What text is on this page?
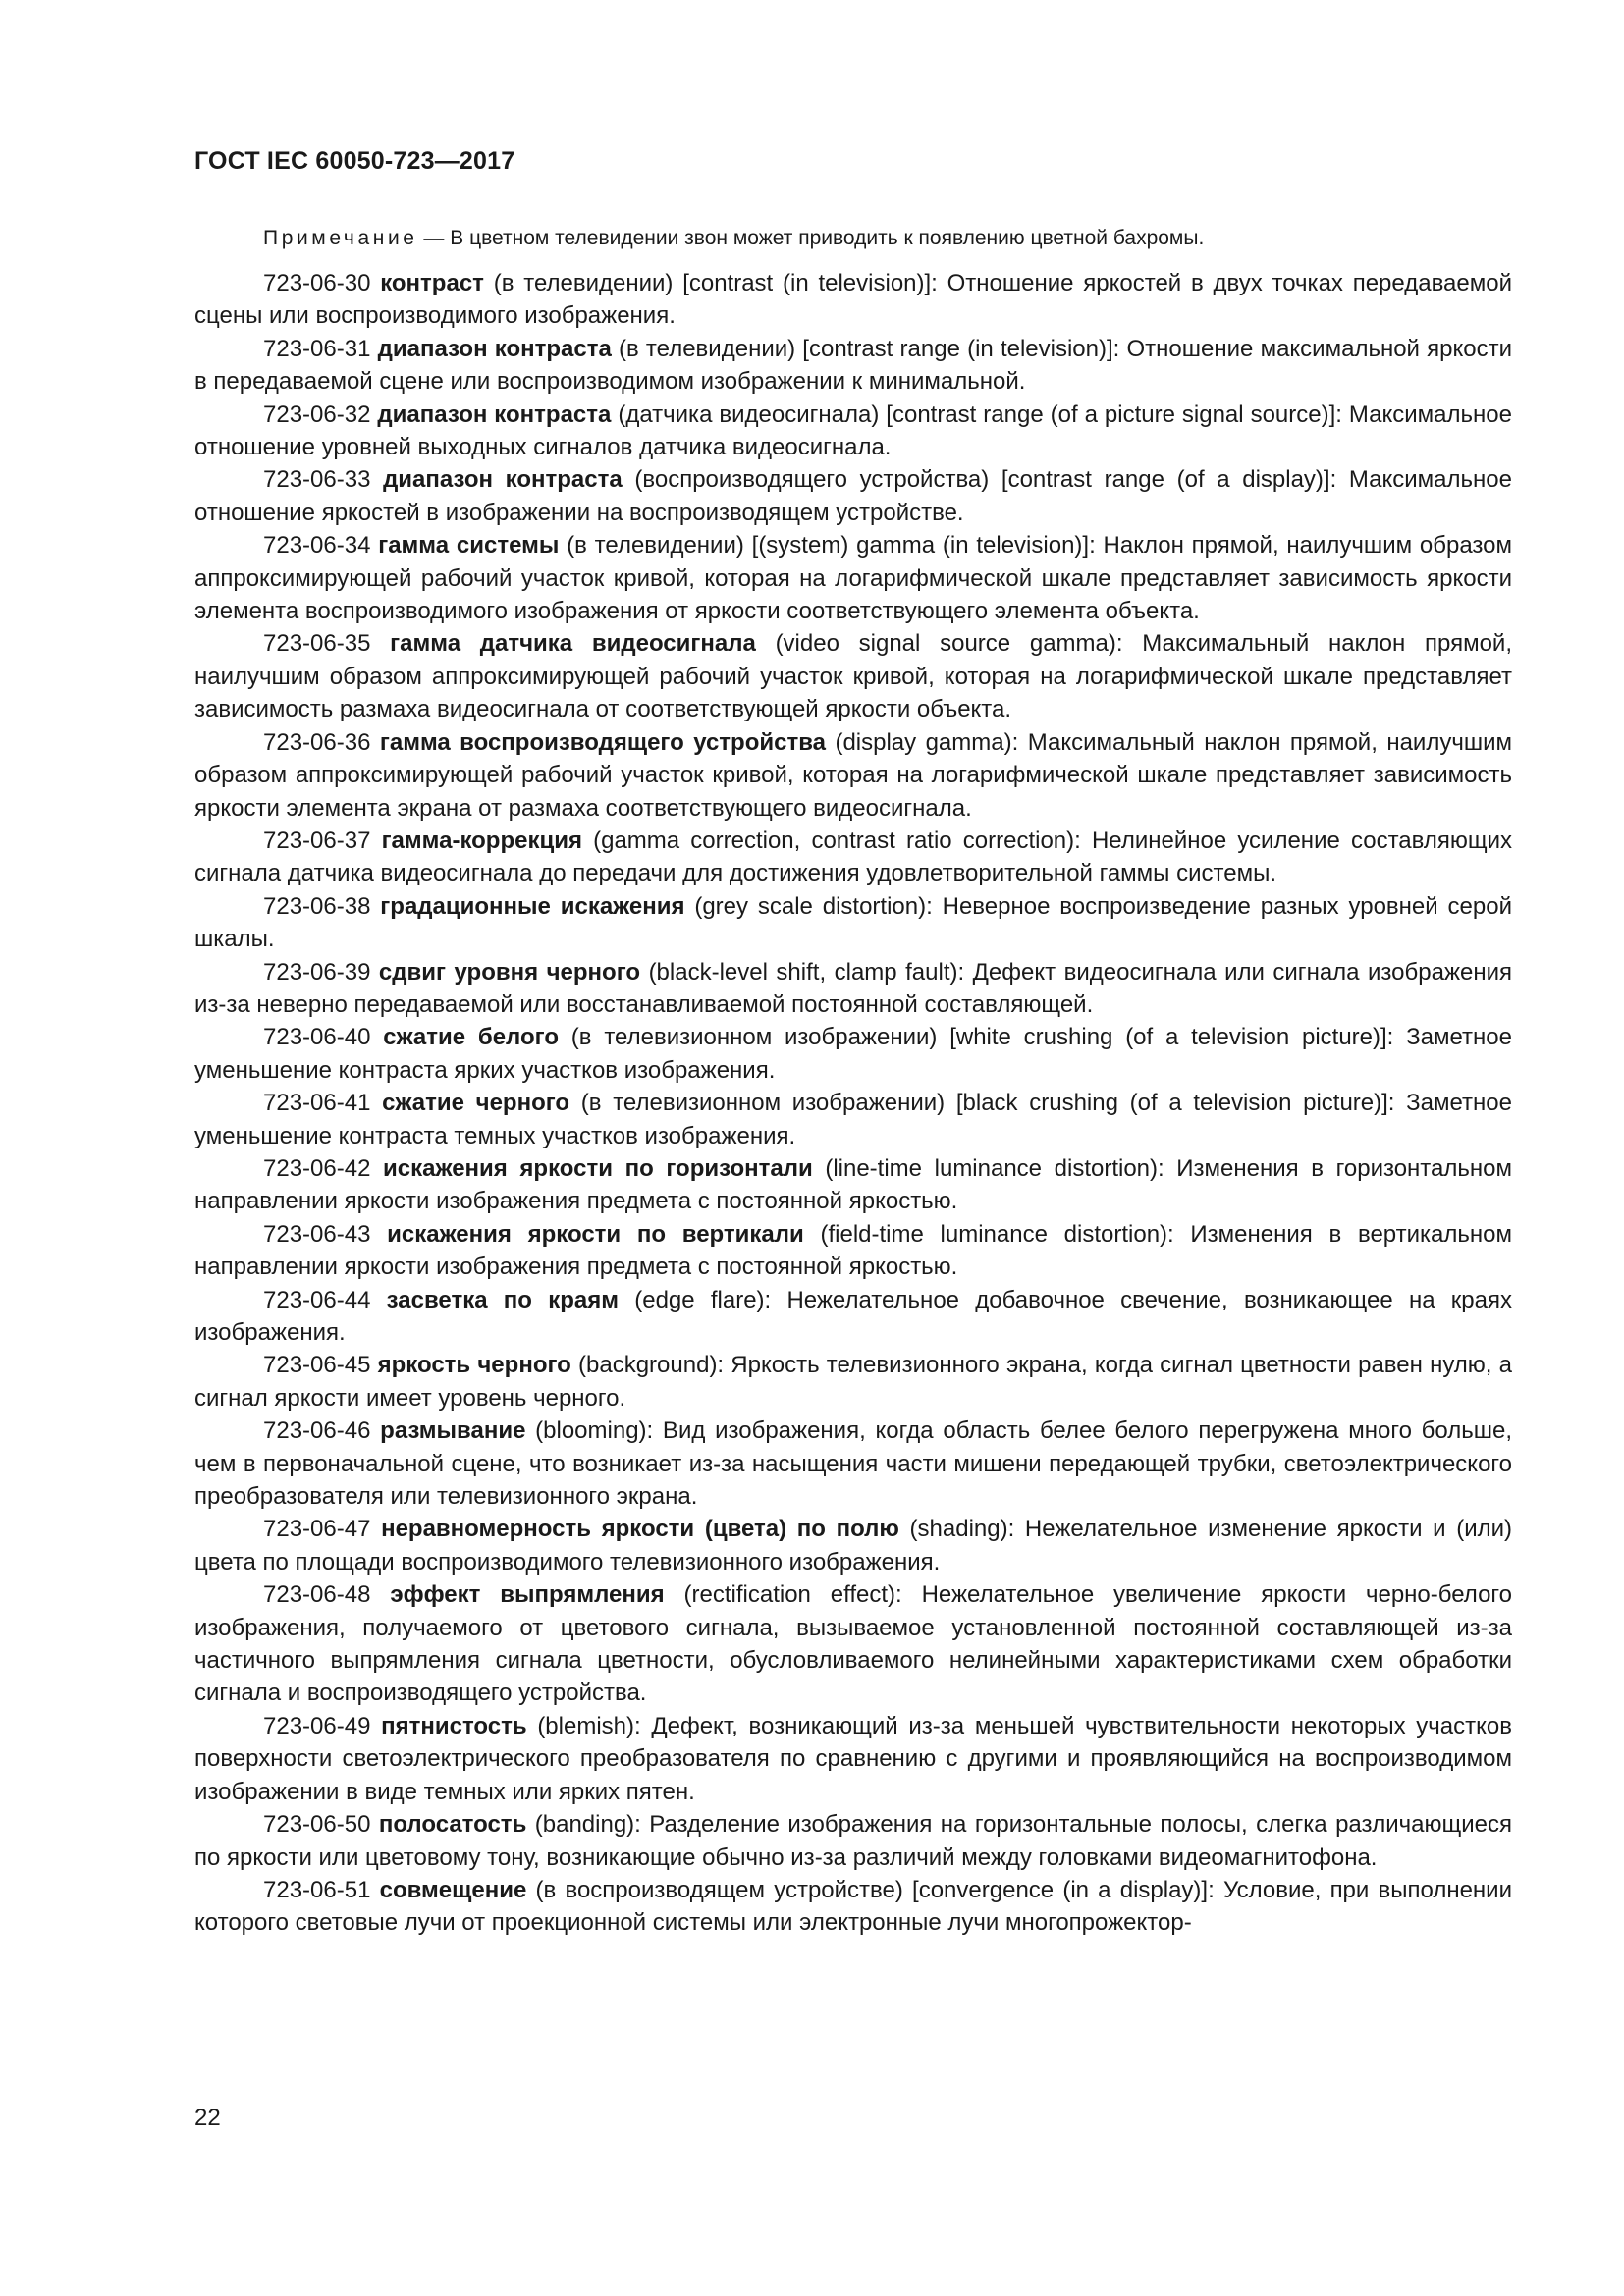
ГОСТ IEC 60050-723—2017

Примечание — В цветном телевидении звон может приводить к появлению цветной бахромы.

723-06-30 контраст (в телевидении) [contrast (in television)]: Отношение яркостей в двух точках передаваемой сцены или воспроизводимого изображения.

723-06-31 диапазон контраста (в телевидении) [contrast range (in television)]: Отношение максимальной яркости в передаваемой сцене или воспроизводимом изображении к минимальной.

723-06-32 диапазон контраста (датчика видеосигнала) [contrast range (of a picture signal source)]: Максимальное отношение уровней выходных сигналов датчика видеосигнала.

723-06-33 диапазон контраста (воспроизводящего устройства) [contrast range (of a display)]: Максимальное отношение яркостей в изображении на воспроизводящем устройстве.

723-06-34 гамма системы (в телевидении) [(system) gamma (in television)]: Наклон прямой, наилучшим образом аппроксимирующей рабочий участок кривой, которая на логарифмической шкале представляет зависимость яркости элемента воспроизводимого изображения от яркости соответствующего элемента объекта.

723-06-35 гамма датчика видеосигнала (video signal source gamma): Максимальный наклон прямой, наилучшим образом аппроксимирующей рабочий участок кривой, которая на логарифмической шкале представляет зависимость размаха видеосигнала от соответствующей яркости объекта.

723-06-36 гамма воспроизводящего устройства (display gamma): Максимальный наклон прямой, наилучшим образом аппроксимирующей рабочий участок кривой, которая на логарифмической шкале представляет зависимость яркости элемента экрана от размаха соответствующего видеосигнала.

723-06-37 гамма-коррекция (gamma correction, contrast ratio correction): Нелинейное усиление составляющих сигнала датчика видеосигнала до передачи для достижения удовлетворительной гаммы системы.

723-06-38 градационные искажения (grey scale distortion): Неверное воспроизведение разных уровней серой шкалы.

723-06-39 сдвиг уровня черного (black-level shift, clamp fault): Дефект видеосигнала или сигнала изображения из-за неверно передаваемой или восстанавливаемой постоянной составляющей.

723-06-40 сжатие белого (в телевизионном изображении) [white crushing (of a television picture)]: Заметное уменьшение контраста ярких участков изображения.

723-06-41 сжатие черного (в телевизионном изображении) [black crushing (of a television picture)]: Заметное уменьшение контраста темных участков изображения.

723-06-42 искажения яркости по горизонтали (line-time luminance distortion): Изменения в горизонтальном направлении яркости изображения предмета с постоянной яркостью.

723-06-43 искажения яркости по вертикали (field-time luminance distortion): Изменения в вертикальном направлении яркости изображения предмета с постоянной яркостью.

723-06-44 засветка по краям (edge flare): Нежелательное добавочное свечение, возникающее на краях изображения.

723-06-45 яркость черного (background): Яркость телевизионного экрана, когда сигнал цветности равен нулю, а сигнал яркости имеет уровень черного.

723-06-46 размывание (blooming): Вид изображения, когда область белее белого перегружена много больше, чем в первоначальной сцене, что возникает из-за насыщения части мишени передающей трубки, светоэлектрического преобразователя или телевизионного экрана.

723-06-47 неравномерность яркости (цвета) по полю (shading): Нежелательное изменение яркости и (или) цвета по площади воспроизводимого телевизионного изображения.

723-06-48 эффект выпрямления (rectification effect): Нежелательное увеличение яркости черно-белого изображения, получаемого от цветового сигнала, вызываемое установленной постоянной составляющей из-за частичного выпрямления сигнала цветности, обусловливаемого нелинейными характеристиками схем обработки сигнала и воспроизводящего устройства.

723-06-49 пятнистость (blemish): Дефект, возникающий из-за меньшей чувствительности некоторых участков поверхности светоэлектрического преобразователя по сравнению с другими и проявляющийся на воспроизводимом изображении в виде темных или ярких пятен.

723-06-50 полосатость (banding): Разделение изображения на горизонтальные полосы, слегка различающиеся по яркости или цветовому тону, возникающие обычно из-за различий между головками видеомагнитофона.

723-06-51 совмещение (в воспроизводящем устройстве) [convergence (in a display)]: Условие, при выполнении которого световые лучи от проекционной системы или электронные лучи многопрожектор-

22
